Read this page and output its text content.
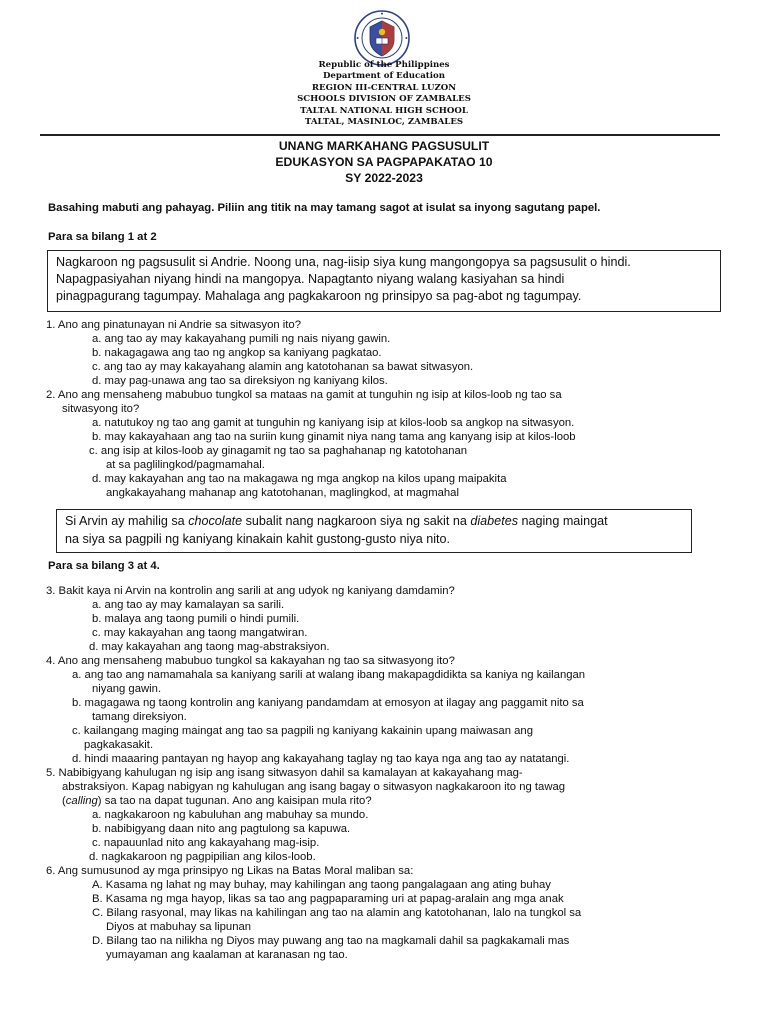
Republic of the Philippines
Department of Education
REGION III-CENTRAL LUZON
SCHOOLS DIVISION OF ZAMBALES
TALTAL NATIONAL HIGH SCHOOL
TALTAL, MASINLOC, ZAMBALES
UNANG MARKAHANG PAGSUSULIT
EDUKASYON SA PAGPAPAKATAO 10
SY 2022-2023
Basahing mabuti ang pahayag. Piliin ang titik na may tamang sagot at isulat sa inyong sagutang papel.
Para sa bilang 1 at 2
Nagkaroon ng pagsusulit si Andrie. Noong una, nag-iisip siya kung mangongopya sa pagsusulit o hindi.
Napagpasiyahan niyang hindi na mangopya. Napagtanto niyang walang kasiyahan sa hindi
pinagpagurang tagumpay. Mahalaga ang pagkakaroon ng prinsipyo sa pag-abot ng tagumpay.
1. Ano ang pinatunayan ni Andrie sa sitwasyon ito?
a. ang tao ay may kakayahang pumili ng nais niyang gawin.
b. nakagagawa ang tao ng angkop sa kaniyang pagkatao.
c. ang tao ay may kakayahang alamin ang katotohanan sa bawat sitwasyon.
d. may pag-unawa ang tao sa direksiyon ng kaniyang kilos.
2. Ano ang mensaheng mabubuo tungkol sa mataas na gamit at tunguhin ng isip at kilos-loob ng tao sa
sitwasyong ito?
a. natutukoy ng tao ang gamit at tunguhin ng kaniyang isip at kilos-loob sa angkop na sitwasyon.
b. may kakayahaan ang tao na suriin kung ginamit niya nang tama ang kanyang isip at kilos-loob
c. ang isip at kilos-loob ay ginagamit ng tao sa paghahanap ng katotohanan
at sa paglilingkod/pagmamahal.
d. may kakayahan ang tao na makagawa ng mga angkop na kilos upang maipakita
angkakayahang mahanap ang katotohanan, maglingkod, at magmahal
Si Arvin ay mahilig sa chocolate subalit nang nagkaroon siya ng sakit na diabetes naging maingat
na siya sa pagpili ng kaniyang kinakain kahit gustong-gusto niya nito.
Para sa bilang 3 at 4.
3. Bakit kaya ni Arvin na kontrolin ang sarili at ang udyok ng kaniyang damdamin?
a. ang tao ay may kamalayan sa sarili.
b. malaya ang taong pumili o hindi pumili.
c. may kakayahan ang taong mangatwiran.
d. may kakayahan ang taong mag-abstraksiyon.
4. Ano ang mensaheng mabubuo tungkol sa kakayahan ng tao sa sitwasyong ito?
a. ang tao ang namamahala sa kaniyang sarili at walang ibang makapagdidikta sa kaniya ng kailangan
niyang gawin.
b. magagawa ng taong kontrolin ang kaniyang pandamdam at emosyon at ilagay ang paggamit nito sa
tamang direksiyon.
c. kailangang maging maingat ang tao sa pagpili ng kaniyang kakainin upang maiwasan ang
pagkakasakit.
d. hindi maaaring pantayan ng hayop ang kakayahang taglay ng tao kaya nga ang tao ay natatangi.
5. Nabibigyang kahulugan ng isip ang isang sitwasyon dahil sa kamalayan at kakayahang mag-
abstraksiyon. Kapag nabigyan ng kahulugan ang isang bagay o sitwasyon nagkakaroon ito ng tawag
(calling) sa tao na dapat tugunan. Ano ang kaisipan mula rito?
a. nagkakaroon ng kabuluhan ang mabuhay sa mundo.
b. nabibigyang daan nito ang pagtulong sa kapuwa.
c. napauunlad nito ang kakayahang mag-isip.
d. nagkakaroon ng pagpipilian ang kilos-loob.
6. Ang sumusunod ay mga prinsipyo ng Likas na Batas Moral maliban sa:
A. Kasama ng lahat ng may buhay, may kahilingan ang taong pangalagaan ang ating buhay
B. Kasama ng mga hayop, likas sa tao ang pagpaparaming uri at papag-aralain ang mga anak
C. Bilang rasyonal, may likas na kahilingan ang tao na alamin ang katotohanan, lalo na tungkol sa
Diyos at mabuhay sa lipunan
D. Bilang tao na nilikha ng Diyos may puwang ang tao na magkamali dahil sa pagkakamali mas
yumayaman ang kaalaman at karanasan ng tao.
